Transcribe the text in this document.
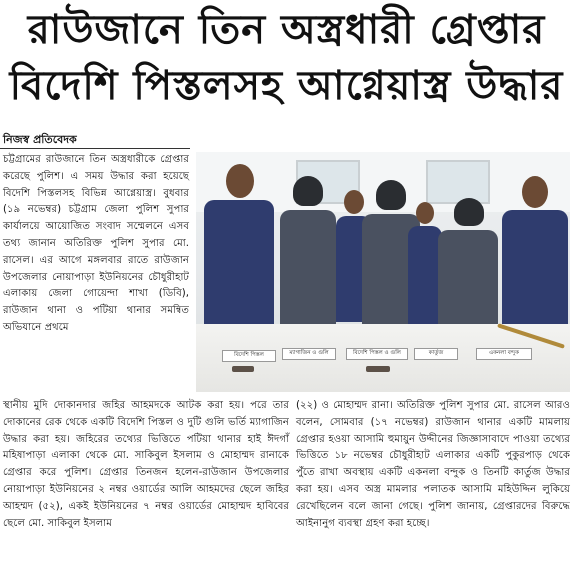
রাউজানে তিন অস্ত্রধারী গ্রেপ্তার
বিদেশি পিস্তলসহ আগ্নেয়াস্ত্র উদ্ধার
নিজস্ব প্রতিবেদক
চট্টগ্রামের রাউজানে তিন অস্ত্রধারীকে গ্রেপ্তার করেছে পুলিশ। এ সময় উদ্ধার করা হয়েছে বিদেশি পিস্তলসহ বিভিন্ন আগ্নেয়াস্ত্র। বুধবার (১৯ নভেম্বর) চট্টগ্রাম জেলা পুলিশ সুপার কার্যালয়ে আয়োজিত সংবাদ সম্মেলনে এসব তথ্য জানান অতিরিক্ত পুলিশ সুপার মো. রাসেল। এর আগে মঙ্গলবার রাতে রাউজান উপজেলার নোয়াপাড়া ইউনিয়নের চৌধুরীহাট এলাকায় জেলা গোয়েন্দা শাখা (ডিবি), রাউজান থানা ও পটিয়া থানার সমন্বিত অভিযানে প্রথমে
বিদেশি পিস্তল	ম্যাগাজিন ও গুলি	বিদেশি পিস্তল ও গুলি	কার্তুজ	একনলা বন্দুক
স্থানীয় মুদি দোকানদার জহির আহমদকে আটক করা হয়। পরে তার দোকানের রেক থেকে একটি বিদেশি পিস্তল ও দুটি গুলি ভর্তি ম্যাগাজিন উদ্ধার করা হয়। জহিরের তথ্যের ভিত্তিতে পটিয়া থানার হাই ঈদগাঁ মহিষাপাড়া এলাকা থেকে মো. সাকিবুল ইসলাম ও মোহাম্মদ রানাকে গ্রেপ্তার করে পুলিশ। গ্রেপ্তার তিনজন হলেন-রাউজান উপজেলার নোয়াপাড়া ইউনিয়নের ২ নম্বর ওয়ার্ডের আলি আহমদের ছেলে জহির আহম্মদ (৫২), একই ইউনিয়নের ৭ নম্বর ওয়ার্ডের মোহাম্মদ হাবিবের ছেলে মো. সাকিবুল ইসলাম
(২২) ও মোহাম্মদ রানা। অতিরিক্ত পুলিশ সুপার মো. রাসেল আরও বলেন, সোমবার (১৭ নভেম্বর) রাউজান থানার একটি মামলায় গ্রেপ্তার হওয়া আসামি হুমায়ুন উদ্দীনের জিজ্ঞাসাবাদে পাওয়া তথ্যের ভিত্তিতে ১৮ নভেম্বর চৌধুরীহাট এলাকার একটি পুকুরপাড় থেকে পুঁতে রাখা অবস্থায় একটি একনলা বন্দুক ও তিনটি কার্তুজ উদ্ধার করা হয়। এসব অস্ত্র মামলার পলাতক আসামি মহিউদ্দিন লুকিয়ে রেখেছিলেন বলে জানা গেছে। পুলিশ জানায়, গ্রেপ্তারদের বিরুদ্ধে আইনানুগ ব্যবস্থা গ্রহণ করা হচ্ছে।
